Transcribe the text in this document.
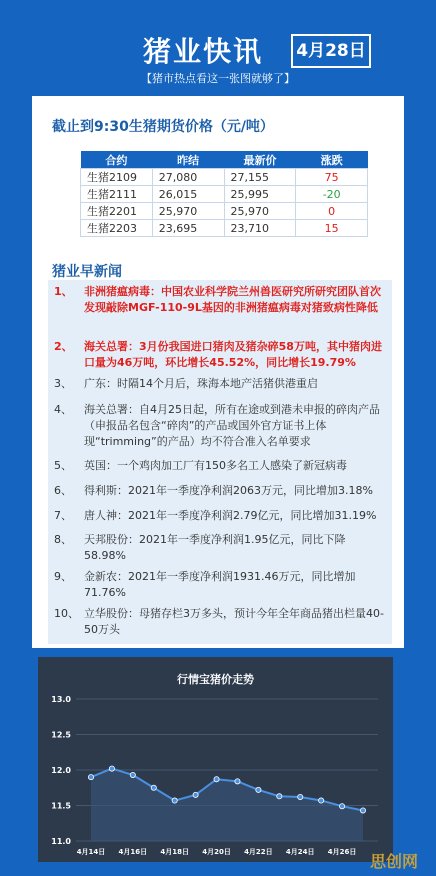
猪业快讯	4月28日
【猪市热点看这一张图就够了】
截止到9:30生猪期货价格（元/吨）
合约	昨结	最新价	涨跌
生猪2109	27,080	27,155	75
生猪2111	26,015	25,995	-20
生猪2201	25,970	25,970	0
生猪2203	23,695	23,710	15
猪业早新闻
1、	非洲猪瘟病毒：中国农业科学院兰州兽医研究所研究团队首次发现敲除MGF-110-9L基因的非洲猪瘟病毒对猪致病性降低
2、	海关总署：3月份我国进口猪肉及猪杂碎58万吨，其中猪肉进口量为46万吨，环比增长45.52%，同比增长19.79%
3、	广东：时隔14个月后，珠海本地产活猪供港重启
4、	海关总署：自4月25日起，所有在途或到港未申报的碎肉产品（申报品名包含“碎肉”的产品或国外官方证书上体现“trimming”的产品）均不符合准入名单要求
5、	英国：一个鸡肉加工厂有150多名工人感染了新冠病毒
6、	得利斯：2021年一季度净利润2063万元，同比增加3.18%
7、	唐人神：2021年一季度净利润2.79亿元，同比增加31.19%
8、	天邦股份：2021年一季度净利润1.95亿元，同比下降58.98%
9、	金新农：2021年一季度净利润1931.46万元，同比增加71.76%
10、 立华股份：母猪存栏3万多头，预计今年全年商品猪出栏量40-50万头
行情宝猪价走势
11.0
11.5
12.0
12.5
13.0
4月14日 4月16日 4月18日 4月20日 4月22日 4月24日 4月26日 思创网
